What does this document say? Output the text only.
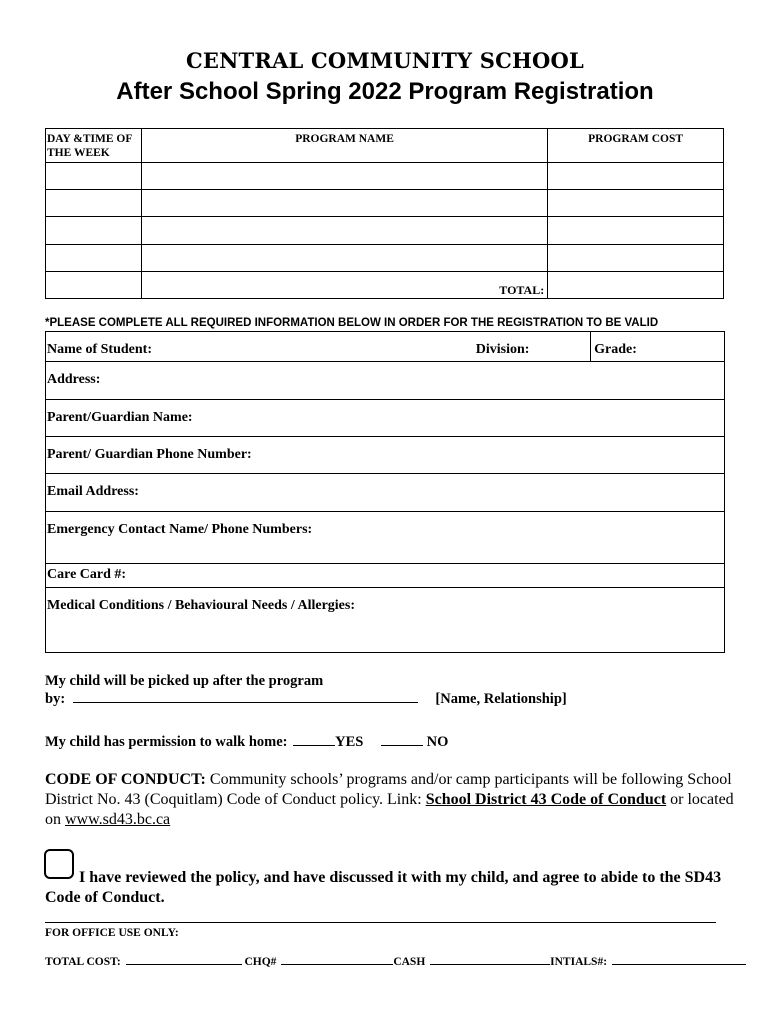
CENTRAL COMMUNITY SCHOOL
After School Spring 2022 Program Registration
DAY &TIME OF THE WEEK	PROGRAM NAME	PROGRAM COST

	TOTAL:	
*PLEASE COMPLETE ALL REQUIRED INFORMATION BELOW IN ORDER FOR THE REGISTRATION TO BE VALID
Name of Student:	Division:	Grade:
Address:
Parent/Guardian Name:
Parent/ Guardian Phone Number:
Email Address:
Emergency Contact Name/ Phone Numbers:
Care Card #:
Medical Conditions / Behavioural Needs / Allergies:
My child will be picked up after the program
by:	[Name, Relationship]
My child has permission to walk home:	YES	NO
CODE OF CONDUCT: Community schools’ programs and/or camp participants will be following School District No. 43 (Coquitlam) Code of Conduct policy. Link: School District 43 Code of Conduct or located on www.sd43.bc.ca
I have reviewed the policy, and have discussed it with my child, and agree to abide to the SD43 Code of Conduct.
FOR OFFICE USE ONLY:
TOTAL COST:	CHQ#	CASH	INTIALS#:
